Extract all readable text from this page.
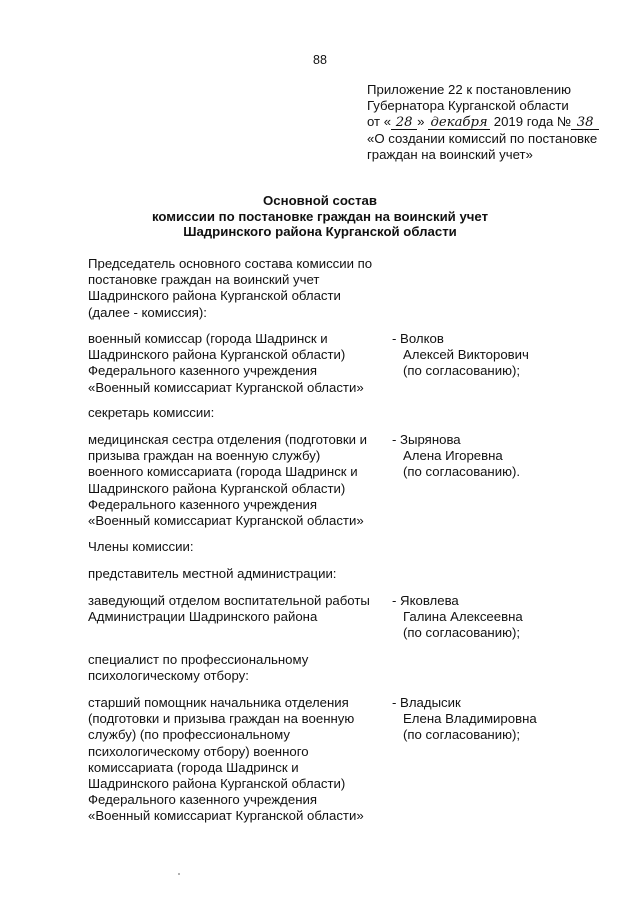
88
Приложение 22 к постановлению
Губернатора Курганской области
от « 28 » декабря 2019 года № 38
«О создании комиссий по постановке
граждан на воинский учет»
Основной состав
комиссии по постановке граждан на воинский учет
Шадринского района Курганской области
Председатель основного состава комиссии по
постановке граждан на воинский учет
Шадринского района Курганской области
(далее - комиссия):
военный комиссар (города Шадринск и
Шадринского района Курганской области)
Федерального казенного учреждения
«Военный комиссариат Курганской области»
- Волков
Алексей Викторович
(по согласованию);
секретарь комиссии:
медицинская сестра отделения (подготовки и
призыва граждан на военную службу)
военного комиссариата (города Шадринск и
Шадринского района Курганской области)
Федерального казенного учреждения
«Военный комиссариат Курганской области»
- Зырянова
Алена Игоревна
(по согласованию).
Члены комиссии:
представитель местной администрации:
заведующий отделом воспитательной работы
Администрации Шадринского района
- Яковлева
Галина Алексеевна
(по согласованию);
специалист по профессиональному
психологическому отбору:
старший помощник начальника отделения
(подготовки и призыва граждан на военную
службу) (по профессиональному
психологическому отбору) военного
комиссариата (города Шадринск и
Шадринского района Курганской области)
Федерального казенного учреждения
«Военный комиссариат Курганской области»
- Владысик
Елена Владимировна
(по согласованию);
